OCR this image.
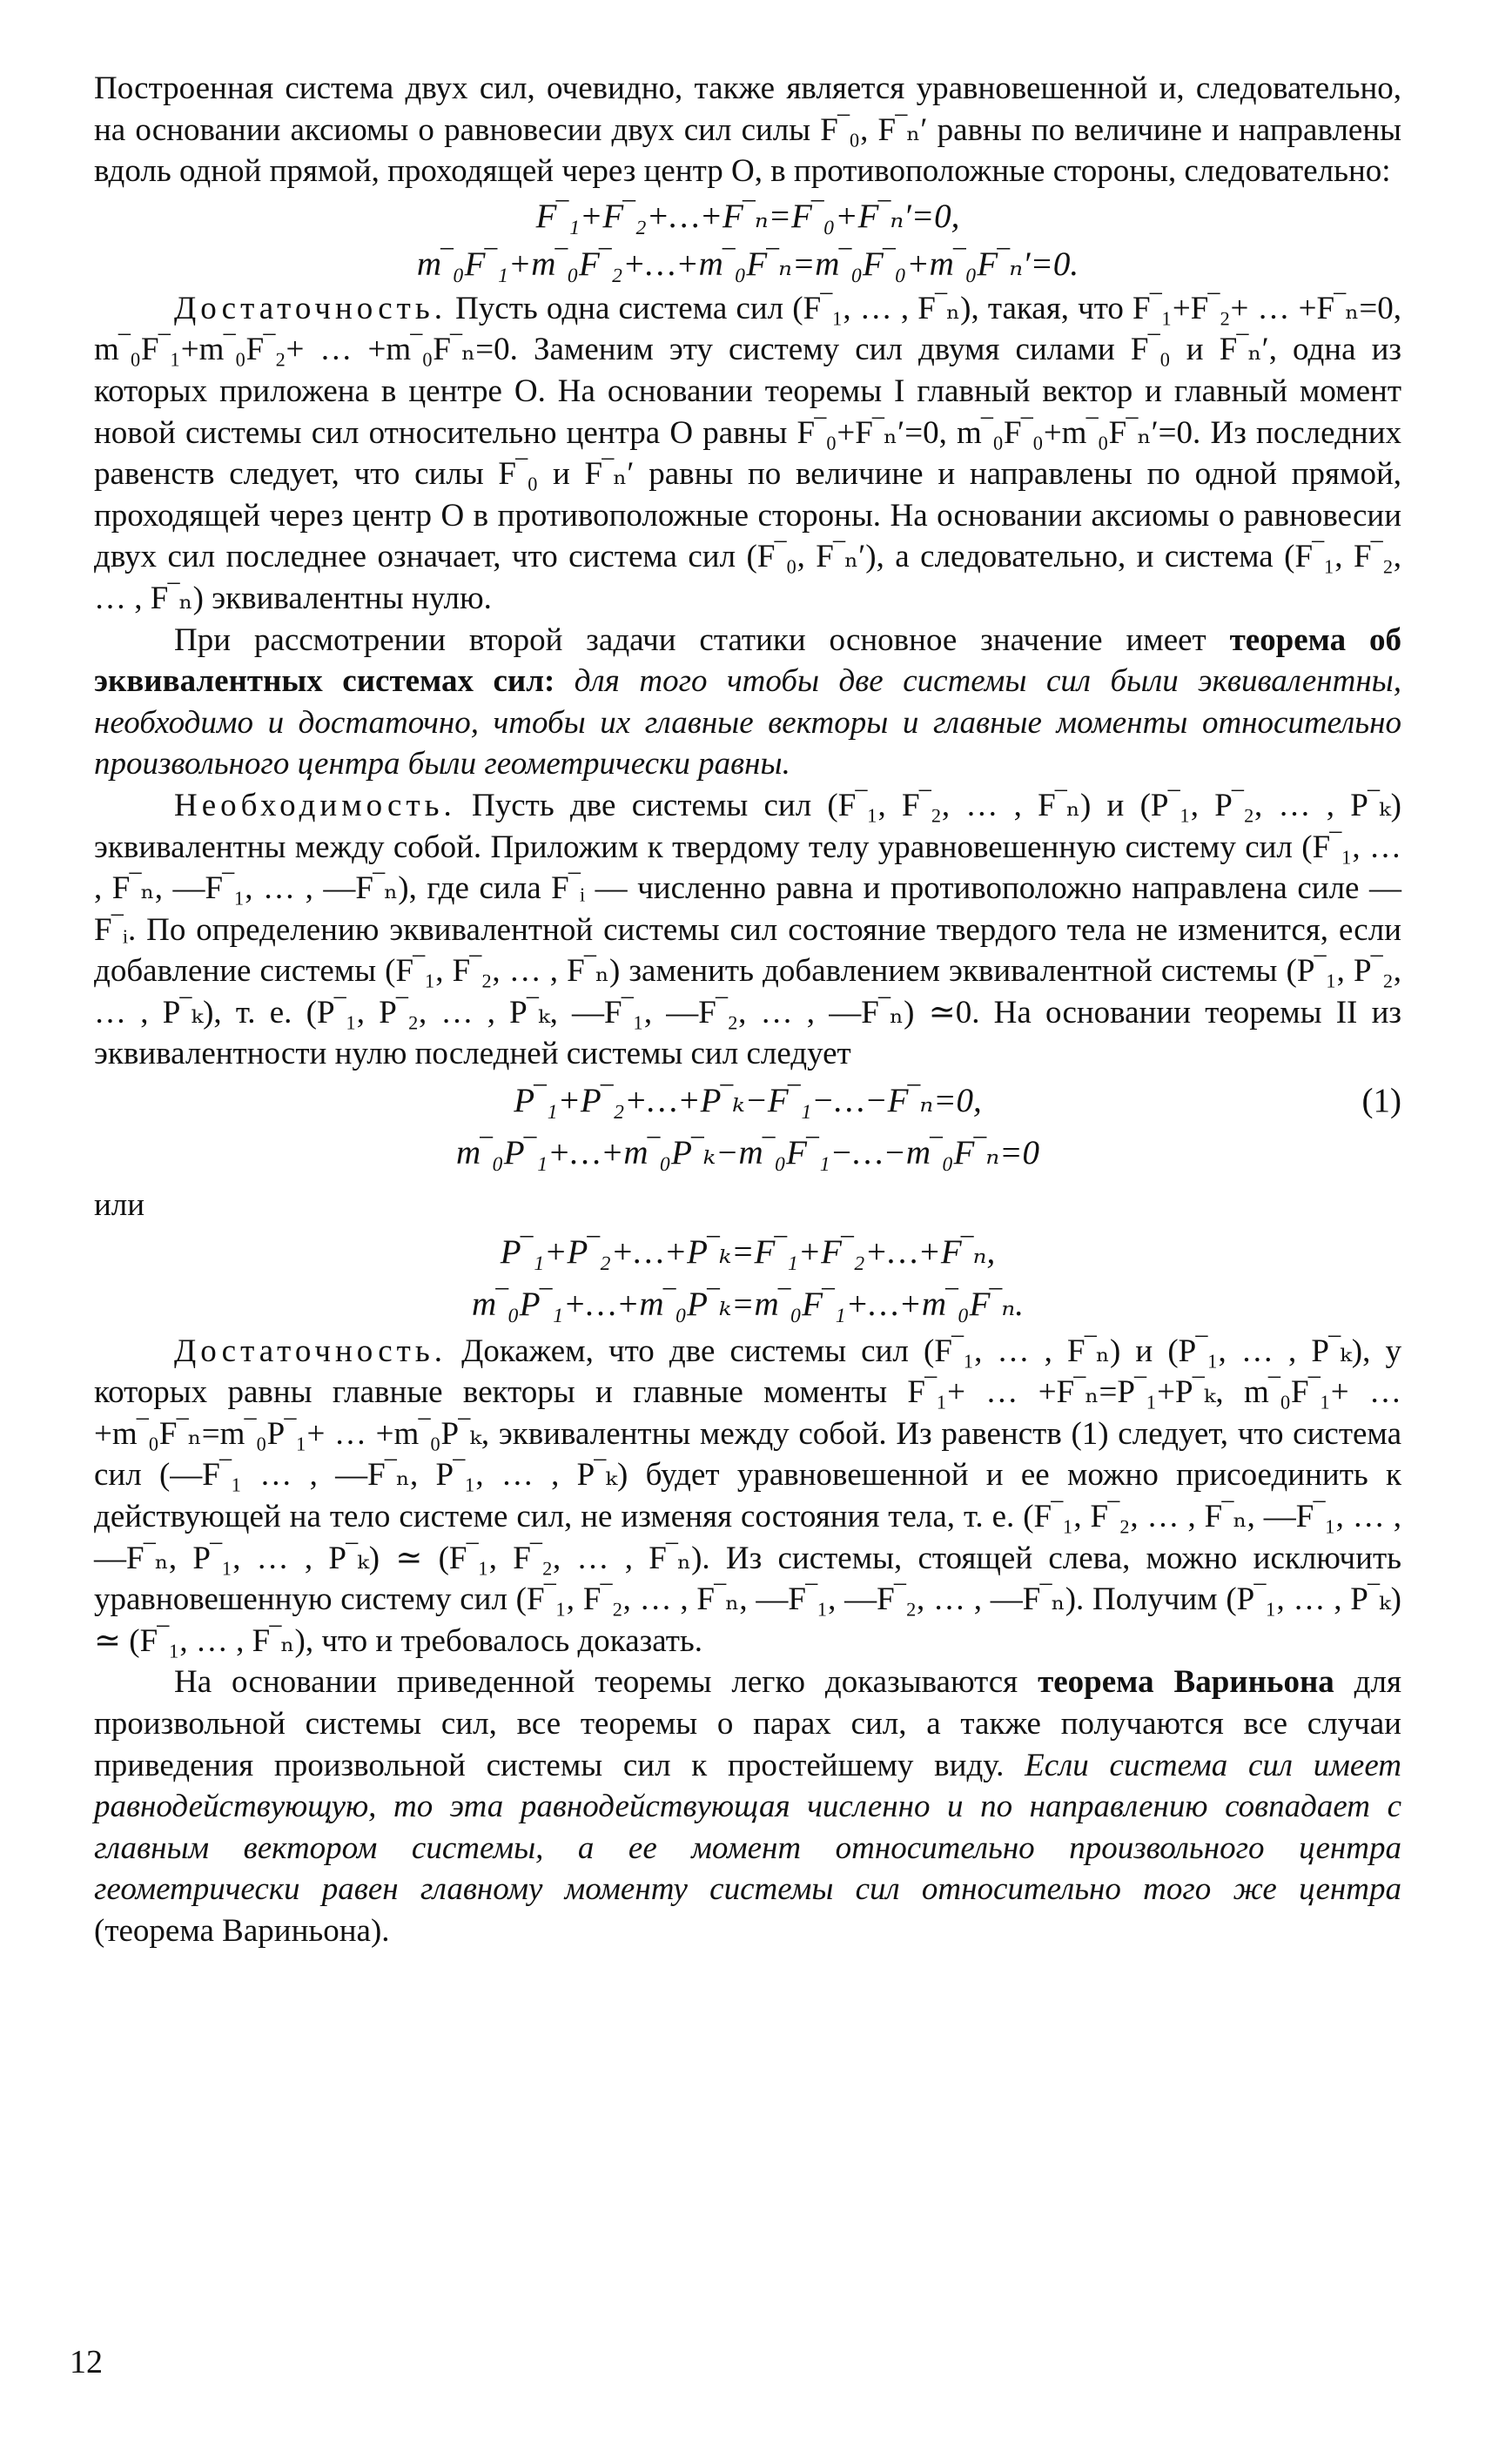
Построенная система двух сил, очевидно, также является уравновешенной и, следовательно, на основании аксиомы о равновесии двух сил силы F‾₀, F‾ₙ′ равны по величине и направлены вдоль одной прямой, проходящей через центр O, в противоположные стороны, следовательно:

F‾₁+F‾₂+…+F‾ₙ=F‾₀+F‾ₙ′=0,
m‾₀F‾₁+m‾₀F‾₂+…+m‾₀F‾ₙ=m‾₀F‾₀+m‾₀F‾ₙ′=0.

Достаточность. Пусть одна система сил (F‾₁, … , F‾ₙ), такая, что F‾₁+F‾₂+ … +F‾ₙ=0, m‾₀F‾₁+m‾₀F‾₂+ … +m‾₀F‾ₙ=0. Заменим эту систему сил двумя силами F‾₀ и F‾ₙ′, одна из которых приложена в центре O. На основании теоремы I главный вектор и главный момент новой системы сил относительно центра O равны F‾₀+F‾ₙ′=0, m‾₀F‾₀+m‾₀F‾ₙ′=0. Из последних равенств следует, что силы F‾₀ и F‾ₙ′ равны по величине и направлены по одной прямой, проходящей через центр O в противоположные стороны. На основании аксиомы о равновесии двух сил последнее означает, что система сил (F‾₀, F‾ₙ′), а следовательно, и система (F‾₁, F‾₂, … , F‾ₙ) эквивалентны нулю.

При рассмотрении второй задачи статики основное значение имеет теорема об эквивалентных системах сил: для того чтобы две системы сил были эквивалентны, необходимо и достаточно, чтобы их главные векторы и главные моменты относительно произвольного центра были геометрически равны.

Необходимость. Пусть две системы сил (F‾₁, F‾₂, … , F‾ₙ) и (P‾₁, P‾₂, … , P‾ₖ) эквивалентны между собой. Приложим к твердому телу уравновешенную систему сил (F‾₁, … , F‾ₙ, —F‾₁, … , —F‾ₙ), где сила F‾ᵢ — численно равна и противоположно направлена силе —F‾ᵢ. По определению эквивалентной системы сил состояние твердого тела не изменится, если добавление системы (F‾₁, F‾₂, … , F‾ₙ) заменить добавлением эквивалентной системы (P‾₁, P‾₂, … , P‾ₖ), т. е. (P‾₁, P‾₂, … , P‾ₖ, —F‾₁, —F‾₂, … , —F‾ₙ) ≃0. На основании теоремы II из эквивалентности нулю последней системы сил следует

P‾₁+P‾₂+…+P‾ₖ−F‾₁−…−F‾ₙ=0,	(1)
m‾₀P‾₁+…+m‾₀P‾ₖ−m‾₀F‾₁−…−m‾₀F‾ₙ=0

или

P‾₁+P‾₂+…+P‾ₖ=F‾₁+F‾₂+…+F‾ₙ,
m‾₀P‾₁+…+m‾₀P‾ₖ=m‾₀F‾₁+…+m‾₀F‾ₙ.

Достаточность. Докажем, что две системы сил (F‾₁, … , F‾ₙ) и (P‾₁, … , P‾ₖ), у которых равны главные векторы и главные моменты F‾₁+ … +F‾ₙ=P‾₁+P‾ₖ, m‾₀F‾₁+ … +m‾₀F‾ₙ=m‾₀P‾₁+ … +m‾₀P‾ₖ, эквивалентны между собой. Из равенств (1) следует, что система сил (—F‾₁ … , —F‾ₙ, P‾₁, … , P‾ₖ) будет уравновешенной и ее можно присоединить к действующей на тело системе сил, не изменяя состояния тела, т. е. (F‾₁, F‾₂, … , F‾ₙ, —F‾₁, … , —F‾ₙ, P‾₁, … , P‾ₖ) ≃ (F‾₁, F‾₂, … , F‾ₙ). Из системы, стоящей слева, можно исключить уравновешенную систему сил (F‾₁, F‾₂, … , F‾ₙ, —F‾₁, —F‾₂, … , —F‾ₙ). Получим (P‾₁, … , P‾ₖ) ≃ (F‾₁, … , F‾ₙ), что и требовалось доказать.

На основании приведенной теоремы легко доказываются теорема Вариньона для произвольной системы сил, все теоремы о парах сил, а также получаются все случаи приведения произвольной системы сил к простейшему виду. Если система сил имеет равнодействующую, то эта равнодействующая численно и по направлению совпадает с главным вектором системы, а ее момент относительно произвольного центра геометрически равен главному моменту системы сил относительно того же центра (теорема Вариньона).

12
